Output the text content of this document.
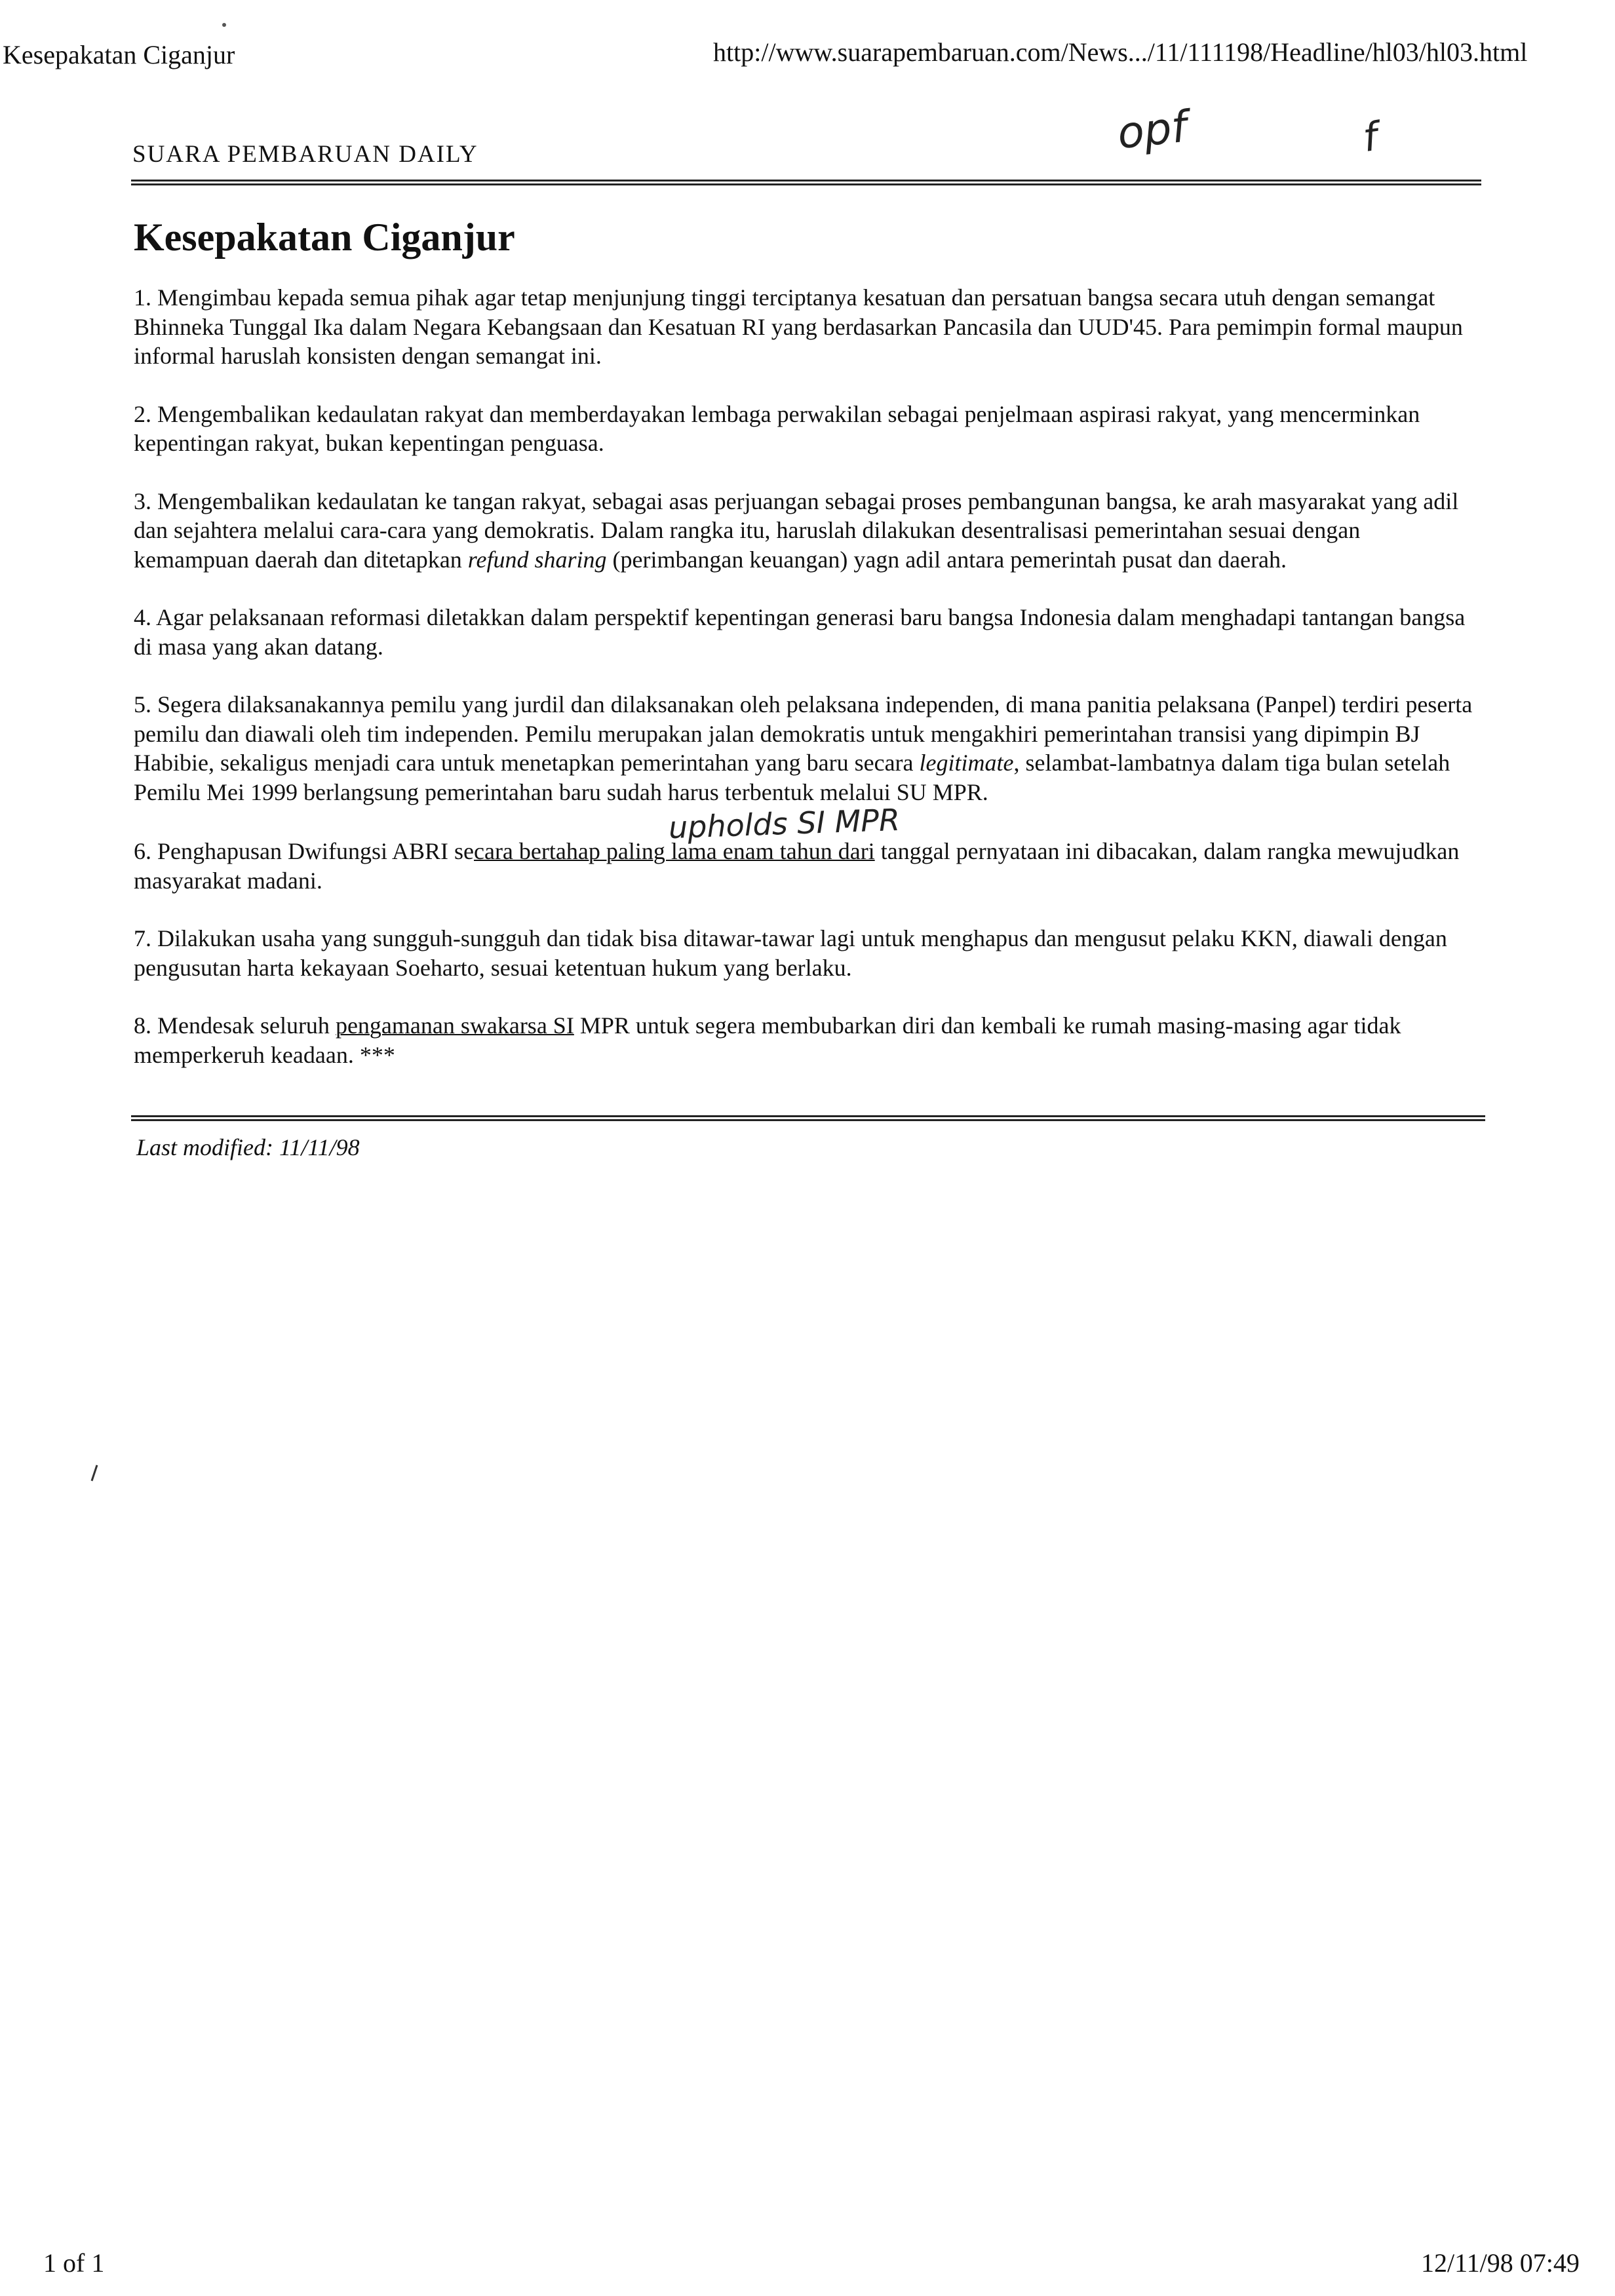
Kesepakatan Ciganjur	http://www.suarapembaruan.com/News.../11/111198/Headline/hl03/hl03.html
SUARA PEMBARUAN DAILY	opf	f
Kesepakatan Ciganjur

1. Mengimbau kepada semua pihak agar tetap menjunjung tinggi terciptanya kesatuan dan persatuan bangsa secara utuh dengan semangat Bhinneka Tunggal Ika dalam Negara Kebangsaan dan Kesatuan RI yang berdasarkan Pancasila dan UUD'45. Para pemimpin formal maupun informal haruslah konsisten dengan semangat ini.

2. Mengembalikan kedaulatan rakyat dan memberdayakan lembaga perwakilan sebagai penjelmaan aspirasi rakyat, yang mencerminkan kepentingan rakyat, bukan kepentingan penguasa.

3. Mengembalikan kedaulatan ke tangan rakyat, sebagai asas perjuangan sebagai proses pembangunan bangsa, ke arah masyarakat yang adil dan sejahtera melalui cara-cara yang demokratis. Dalam rangka itu, haruslah dilakukan desentralisasi pemerintahan sesuai dengan kemampuan daerah dan ditetapkan refund sharing (perimbangan keuangan) yagn adil antara pemerintah pusat dan daerah.

4. Agar pelaksanaan reformasi diletakkan dalam perspektif kepentingan generasi baru bangsa Indonesia dalam menghadapi tantangan bangsa di masa yang akan datang.

5. Segera dilaksanakannya pemilu yang jurdil dan dilaksanakan oleh pelaksana independen, di mana panitia pelaksana (Panpel) terdiri peserta pemilu dan diawali oleh tim independen. Pemilu merupakan jalan demokratis untuk mengakhiri pemerintahan transisi yang dipimpin BJ Habibie, sekaligus menjadi cara untuk menetapkan pemerintahan yang baru secara legitimate, selambat-lambatnya dalam tiga bulan setelah Pemilu Mei 1999 berlangsung pemerintahan baru sudah harus terbentuk melalui SU MPR.

6. Penghapusan Dwifungsi ABRI secara bertahap paling lama enam tahun dari tanggal pernyataan ini dibacakan, dalam rangka mewujudkan masyarakat madani.

7. Dilakukan usaha yang sungguh-sungguh dan tidak bisa ditawar-tawar lagi untuk menghapus dan mengusut pelaku KKN, diawali dengan pengusutan harta kekayaan Soeharto, sesuai ketentuan hukum yang berlaku.

8. Mendesak seluruh pengamanan swakarsa SI MPR untuk segera membubarkan diri dan kembali ke rumah masing-masing agar tidak memperkeruh keadaan. ***

upholds SI MPR
Last modified: 11/11/98
1 of 1	12/11/98 07:49
